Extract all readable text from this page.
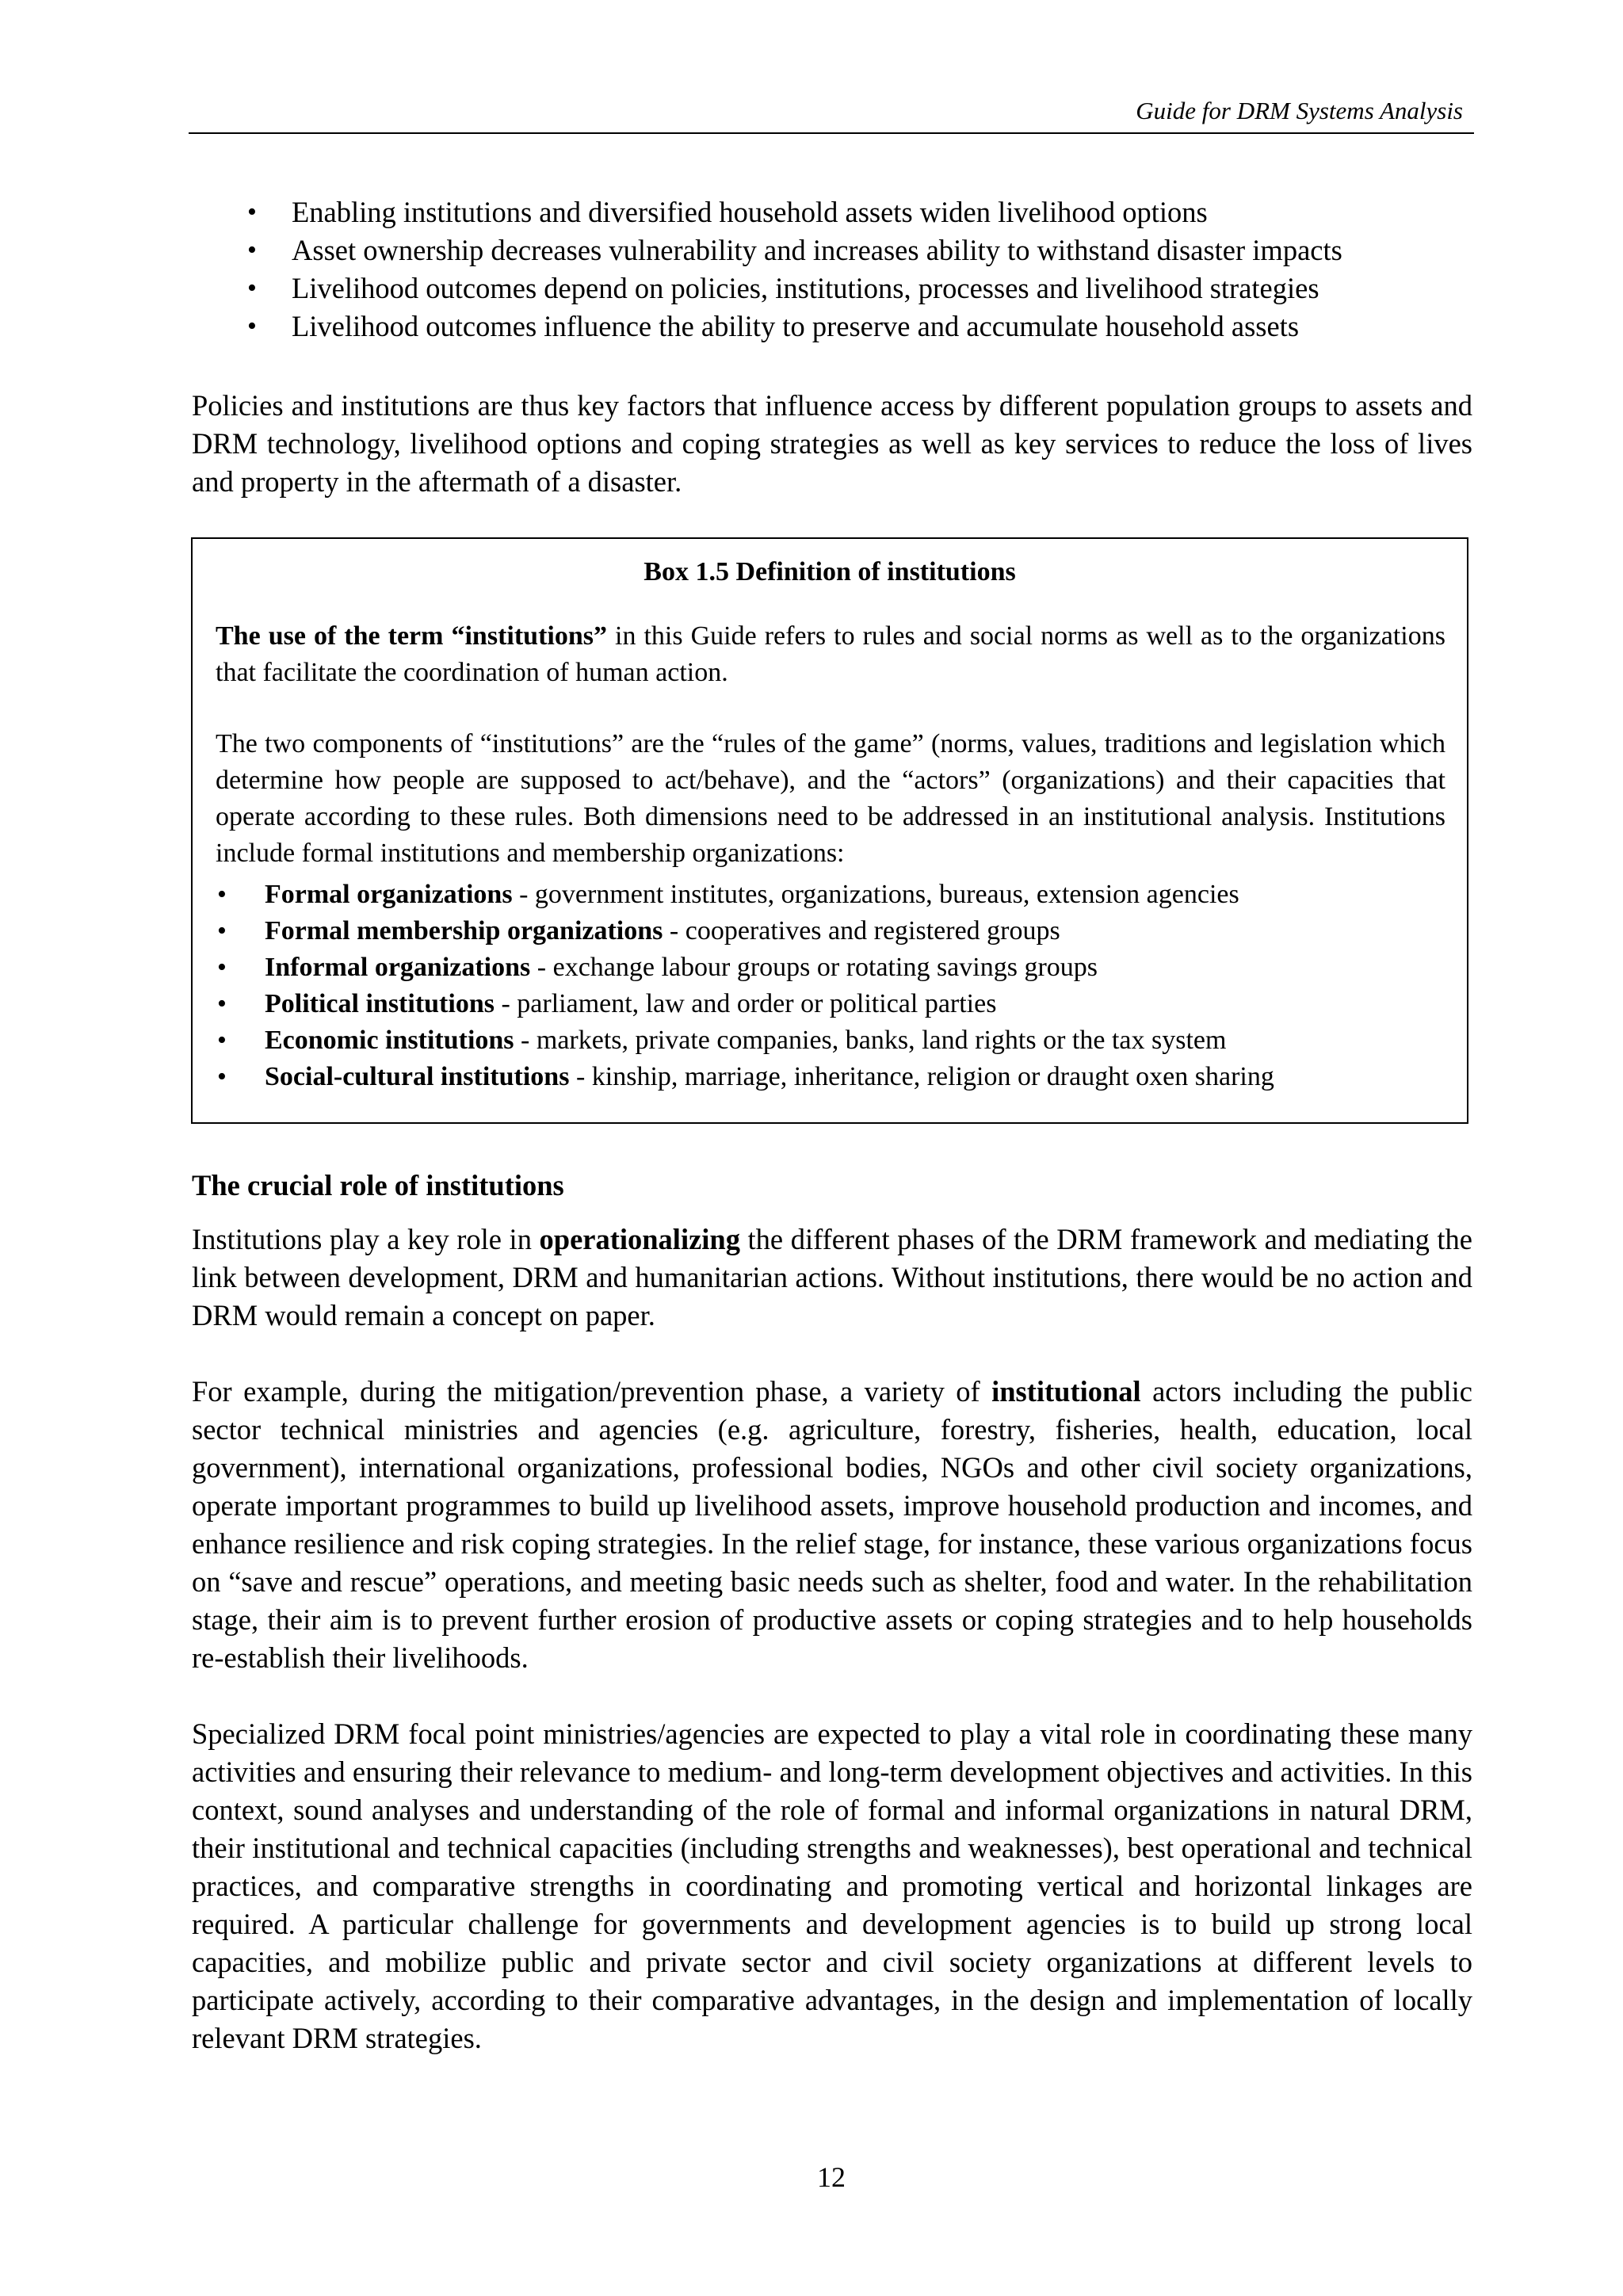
Guide for DRM Systems Analysis
• Enabling institutions and diversified household assets widen livelihood options
• Asset ownership decreases vulnerability and increases ability to withstand disaster impacts
• Livelihood outcomes depend on policies, institutions, processes and livelihood strategies
• Livelihood outcomes influence the ability to preserve and accumulate household assets

Policies and institutions are thus key factors that influence access by different population groups to assets and DRM technology, livelihood options and coping strategies as well as key services to reduce the loss of lives and property in the aftermath of a disaster.

Box 1.5 Definition of institutions

The use of the term “institutions” in this Guide refers to rules and social norms as well as to the organizations that facilitate the coordination of human action.

The two components of “institutions” are the “rules of the game” (norms, values, traditions and legislation which determine how people are supposed to act/behave), and the “actors” (organizations) and their capacities that operate according to these rules. Both dimensions need to be addressed in an institutional analysis. Institutions include formal institutions and membership organizations:

• Formal organizations - government institutes, organizations, bureaus, extension agencies
• Formal membership organizations - cooperatives and registered groups
• Informal organizations - exchange labour groups or rotating savings groups
• Political institutions - parliament, law and order or political parties
• Economic institutions - markets, private companies, banks, land rights or the tax system
• Social-cultural institutions - kinship, marriage, inheritance, religion or draught oxen sharing
The crucial role of institutions

Institutions play a key role in operationalizing the different phases of the DRM framework and mediating the link between development, DRM and humanitarian actions. Without institutions, there would be no action and DRM would remain a concept on paper.

For example, during the mitigation/prevention phase, a variety of institutional actors including the public sector technical ministries and agencies (e.g. agriculture, forestry, fisheries, health, education, local government), international organizations, professional bodies, NGOs and other civil society organizations, operate important programmes to build up livelihood assets, improve household production and incomes, and enhance resilience and risk coping strategies. In the relief stage, for instance, these various organizations focus on “save and rescue” operations, and meeting basic needs such as shelter, food and water. In the rehabilitation stage, their aim is to prevent further erosion of productive assets or coping strategies and to help households re-establish their livelihoods.

Specialized DRM focal point ministries/agencies are expected to play a vital role in coordinating these many activities and ensuring their relevance to medium- and long-term development objectives and activities. In this context, sound analyses and understanding of the role of formal and informal organizations in natural DRM, their institutional and technical capacities (including strengths and weaknesses), best operational and technical practices, and comparative strengths in coordinating and promoting vertical and horizontal linkages are required. A particular challenge for governments and development agencies is to build up strong local capacities, and mobilize public and private sector and civil society organizations at different levels to participate actively, according to their comparative advantages, in the design and implementation of locally relevant DRM strategies.

12
